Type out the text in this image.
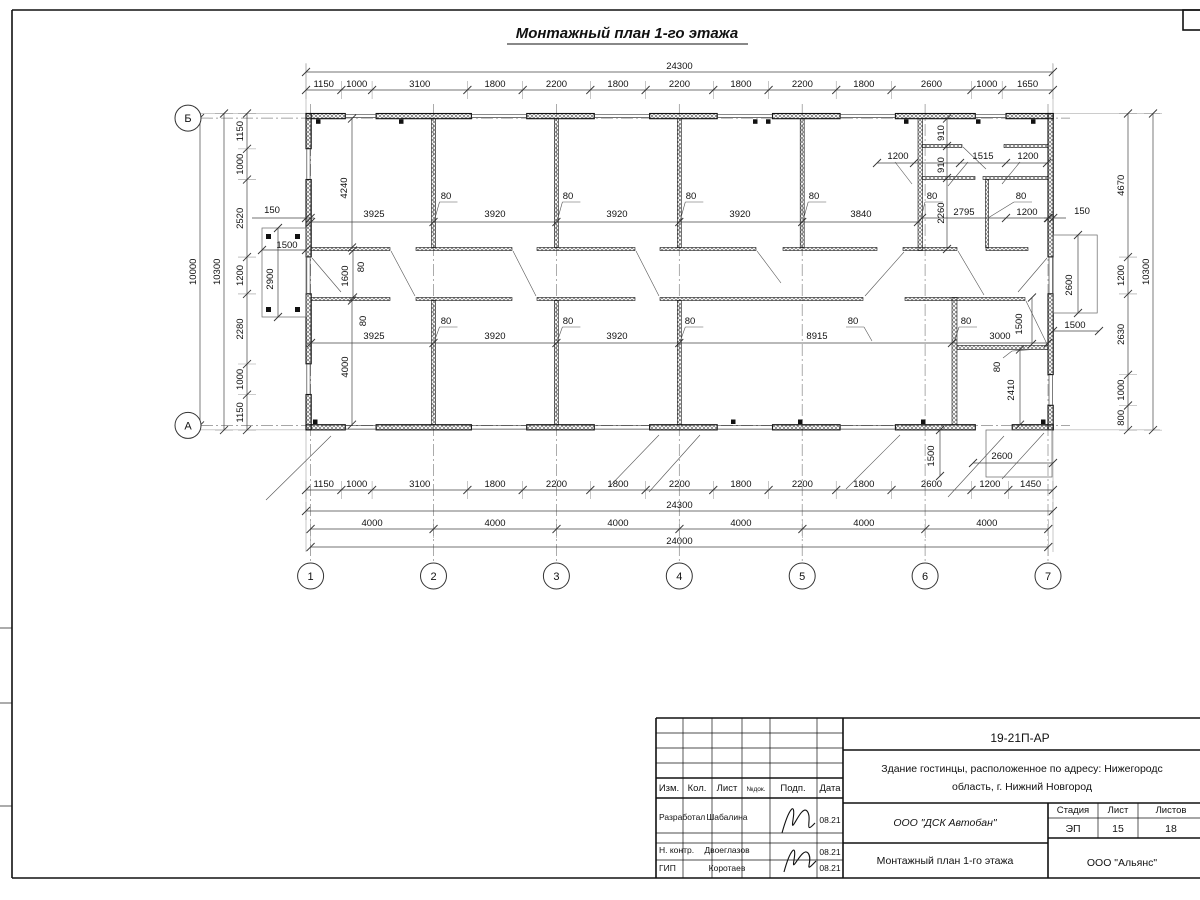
Монтажный план 1-го этажа
1150 1000	3100	1800	2200	1800	2200	1800	2200	1800	2600	1000 1650
24300
1150 1000	3100	1800	2200	1800	2200	1800	2200	1800	2600	1200 1450
24300
4000	4000	4000	4000	4000	4000
24000
1150
1000
2520
1200
2280
1000
1150
10300
10000
4670
1200
2630
1000
800
10300
4240
3925	3920	3920	3920	3840
80	80	80	80	80	80
910
910
1200	1515	1200
2260 2795	1200
150
1500
2900	1600 80
80
3925	3920	3920	8915	3000
80	80	80	80	80
4000
1500
80
2410
150
2600
1500
1500	2600
1	2	3	4	5	6	7
Б
А
19-21П-АР
Здание гостинцы, расположенное по адресу: Нижегородс
область, г. Нижний Новгород
Изм. Кол. Лист №док. Подп. Дата
Разработал Шабалина	08.21
Н. контр. Двоеглазов	08.21
ГИП	Коротаев	08.21
ООО "ДСК Автобан"
Монтажный план 1-го этажа	ООО "Альянс"
Стадия Лист	Листов
ЭП	15	18
